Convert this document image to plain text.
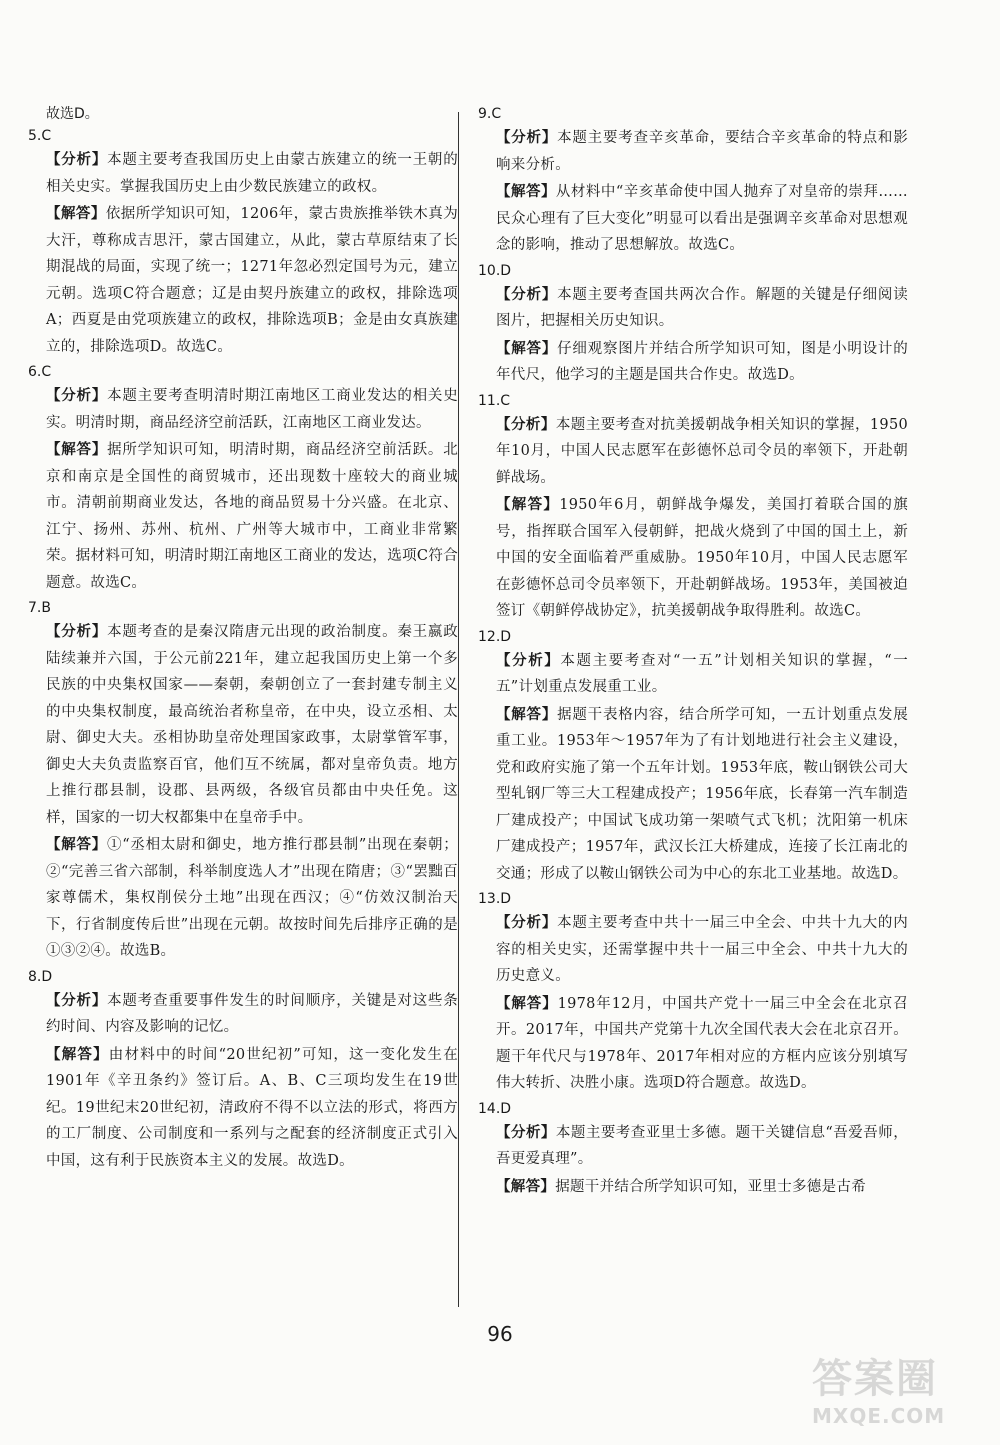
故选D。
5.C
【分析】本题主要考查我国历史上由蒙古族建立的统一王朝的相关史实。掌握我国历史上由少数民族建立的政权。
【解答】依据所学知识可知，1206年，蒙古贵族推举铁木真为大汗，尊称成吉思汗，蒙古国建立，从此，蒙古草原结束了长期混战的局面，实现了统一；1271年忽必烈定国号为元，建立元朝。选项C符合题意；辽是由契丹族建立的政权，排除选项A；西夏是由党项族建立的政权，排除选项B；金是由女真族建立的，排除选项D。故选C。
6.C
【分析】本题主要考查明清时期江南地区工商业发达的相关史实。明清时期，商品经济空前活跃，江南地区工商业发达。
【解答】据所学知识可知，明清时期，商品经济空前活跃。北京和南京是全国性的商贸城市，还出现数十座较大的商业城市。清朝前期商业发达，各地的商品贸易十分兴盛。在北京、江宁、扬州、苏州、杭州、广州等大城市中，工商业非常繁荣。据材料可知，明清时期江南地区工商业的发达，选项C符合题意。故选C。
7.B
【分析】本题考查的是秦汉隋唐元出现的政治制度。秦王嬴政陆续兼并六国，于公元前221年，建立起我国历史上第一个多民族的中央集权国家——秦朝，秦朝创立了一套封建专制主义的中央集权制度，最高统治者称皇帝，在中央，设立丞相、太尉、御史大夫。丞相协助皇帝处理国家政事，太尉掌管军事，御史大夫负责监察百官，他们互不统属，都对皇帝负责。地方上推行郡县制，设郡、县两级，各级官员都由中央任免。这样，国家的一切大权都集中在皇帝手中。
【解答】①“丞相太尉和御史，地方推行郡县制”出现在秦朝；②“完善三省六部制，科举制度选人才”出现在隋唐；③“罢黜百家尊儒术，集权削侯分土地”出现在西汉；④“仿效汉制治天下，行省制度传后世”出现在元朝。故按时间先后排序正确的是①③②④。故选B。
8.D
【分析】本题考查重要事件发生的时间顺序，关键是对这些条约时间、内容及影响的记忆。
【解答】由材料中的时间“20世纪初”可知，这一变化发生在1901年《辛丑条约》签订后。A、B、C三项均发生在19世纪。19世纪末20世纪初，清政府不得不以立法的形式，将西方的工厂制度、公司制度和一系列与之配套的经济制度正式引入中国，这有利于民族资本主义的发展。故选D。
9.C
【分析】本题主要考查辛亥革命，要结合辛亥革命的特点和影响来分析。
【解答】从材料中“辛亥革命使中国人抛弃了对皇帝的崇拜……民众心理有了巨大变化”明显可以看出是强调辛亥革命对思想观念的影响，推动了思想解放。故选C。
10.D
【分析】本题主要考查国共两次合作。解题的关键是仔细阅读图片，把握相关历史知识。
【解答】仔细观察图片并结合所学知识可知，图是小明设计的年代尺，他学习的主题是国共合作史。故选D。
11.C
【分析】本题主要考查对抗美援朝战争相关知识的掌握，1950年10月，中国人民志愿军在彭德怀总司令员的率领下，开赴朝鲜战场。
【解答】1950年6月，朝鲜战争爆发，美国打着联合国的旗号，指挥联合国军入侵朝鲜，把战火烧到了中国的国土上，新中国的安全面临着严重威胁。1950年10月，中国人民志愿军在彭德怀总司令员率领下，开赴朝鲜战场。1953年，美国被迫签订《朝鲜停战协定》，抗美援朝战争取得胜利。故选C。
12.D
【分析】本题主要考查对“一五”计划相关知识的掌握，“一五”计划重点发展重工业。
【解答】据题干表格内容，结合所学可知，一五计划重点发展重工业。1953年～1957年为了有计划地进行社会主义建设，党和政府实施了第一个五年计划。1953年底，鞍山钢铁公司大型轧钢厂等三大工程建成投产；1956年底，长春第一汽车制造厂建成投产；中国试飞成功第一架喷气式飞机；沈阳第一机床厂建成投产；1957年，武汉长江大桥建成，连接了长江南北的交通；形成了以鞍山钢铁公司为中心的东北工业基地。故选D。
13.D
【分析】本题主要考查中共十一届三中全会、中共十九大的内容的相关史实，还需掌握中共十一届三中全会、中共十九大的历史意义。
【解答】1978年12月，中国共产党十一届三中全会在北京召开。2017年，中国共产党第十九次全国代表大会在北京召开。题干年代尺与1978年、2017年相对应的方框内应该分别填写伟大转折、决胜小康。选项D符合题意。故选D。
14.D
【分析】本题主要考查亚里士多德。题干关键信息“吾爱吾师，吾更爱真理”。
【解答】据题干并结合所学知识可知，亚里士多德是古希
96
答案圈
MXQE.COM
